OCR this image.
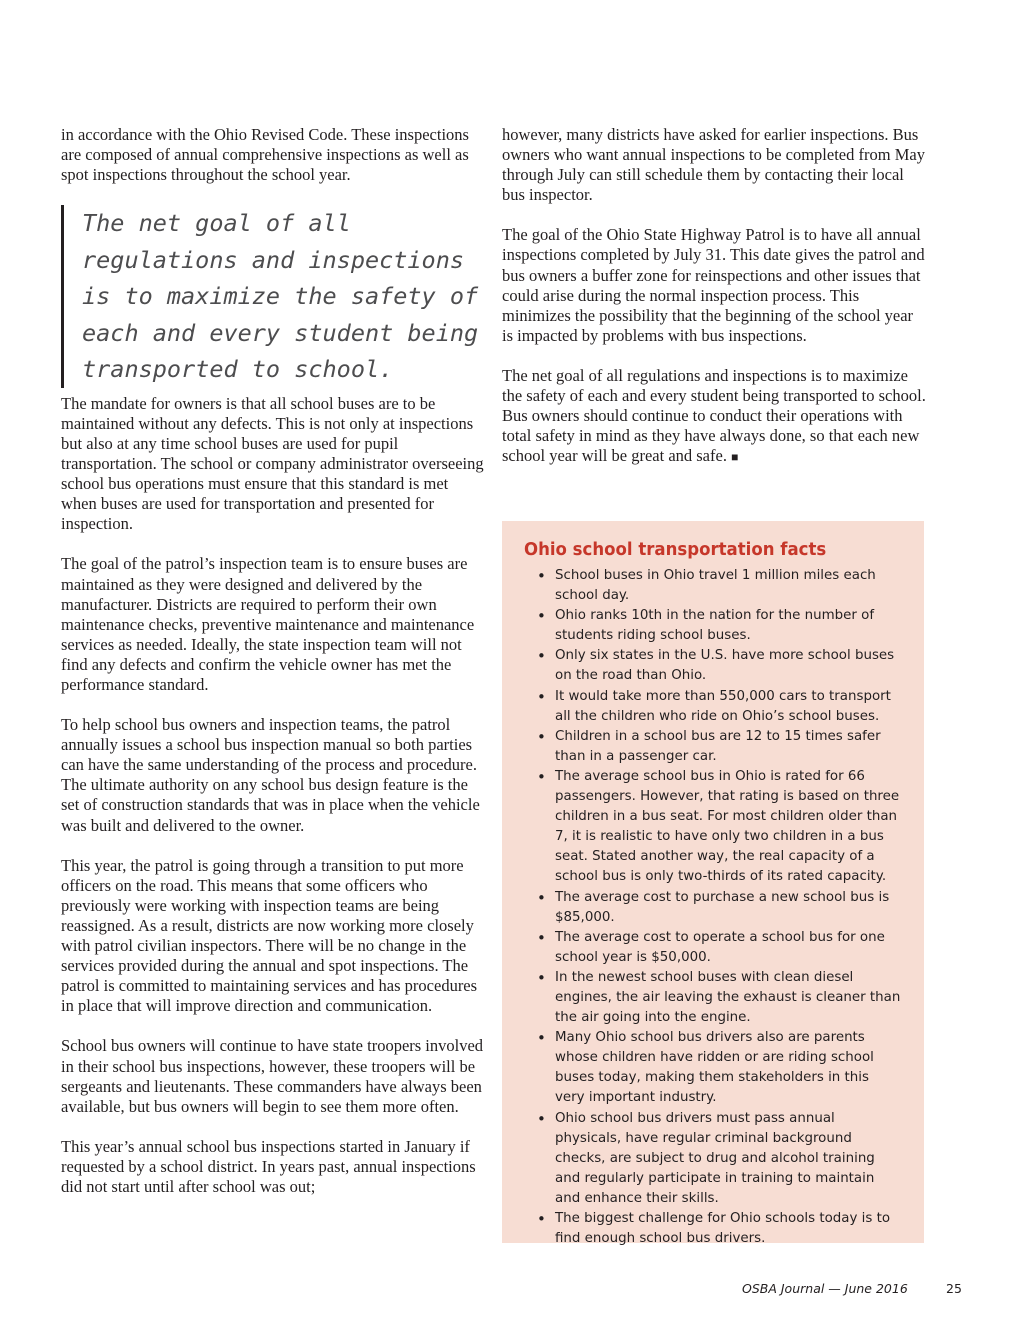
in accordance with the Ohio Revised Code. These inspections are composed of annual comprehensive inspections as well as spot inspections throughout the school year.

The net goal of all regulations and inspections is to maximize the safety of each and every student being transported to school.

The mandate for owners is that all school buses are to be maintained without any defects. This is not only at inspections but also at any time school buses are used for pupil transportation. The school or company administrator overseeing school bus operations must ensure that this standard is met when buses are used for transportation and presented for inspection.

The goal of the patrol’s inspection team is to ensure buses are maintained as they were designed and delivered by the manufacturer. Districts are required to perform their own maintenance checks, preventive maintenance and maintenance services as needed. Ideally, the state inspection team will not find any defects and confirm the vehicle owner has met the performance standard.

To help school bus owners and inspection teams, the patrol annually issues a school bus inspection manual so both parties can have the same understanding of the process and procedure. The ultimate authority on any school bus design feature is the set of construction standards that was in place when the vehicle was built and delivered to the owner.

This year, the patrol is going through a transition to put more officers on the road. This means that some officers who previously were working with inspection teams are being reassigned. As a result, districts are now working more closely with patrol civilian inspectors. There will be no change in the services provided during the annual and spot inspections. The patrol is committed to maintaining services and has procedures in place that will improve direction and communication.

School bus owners will continue to have state troopers involved in their school bus inspections, however, these troopers will be sergeants and lieutenants. These commanders have always been available, but bus owners will begin to see them more often.

This year’s annual school bus inspections started in January if requested by a school district. In years past, annual inspections did not start until after school was out;

however, many districts have asked for earlier inspections. Bus owners who want annual inspections to be completed from May through July can still schedule them by contacting their local bus inspector.

The goal of the Ohio State Highway Patrol is to have all annual inspections completed by July 31. This date gives the patrol and bus owners a buffer zone for reinspections and other issues that could arise during the normal inspection process. This minimizes the possibility that the beginning of the school year is impacted by problems with bus inspections.

The net goal of all regulations and inspections is to maximize the safety of each and every student being transported to school. Bus owners should continue to conduct their operations with total safety in mind as they have always done, so that each new school year will be great and safe. ■

Ohio school transportation facts
• School buses in Ohio travel 1 million miles each school day.
• Ohio ranks 10th in the nation for the number of students riding school buses.
• Only six states in the U.S. have more school buses on the road than Ohio.
• It would take more than 550,000 cars to transport all the children who ride on Ohio’s school buses.
• Children in a school bus are 12 to 15 times safer than in a passenger car.
• The average school bus in Ohio is rated for 66 passengers. However, that rating is based on three children in a bus seat. For most children older than 7, it is realistic to have only two children in a bus seat. Stated another way, the real capacity of a school bus is only two-thirds of its rated capacity.
• The average cost to purchase a new school bus is $85,000.
• The average cost to operate a school bus for one school year is $50,000.
• In the newest school buses with clean diesel engines, the air leaving the exhaust is cleaner than the air going into the engine.
• Many Ohio school bus drivers also are parents whose children have ridden or are riding school buses today, making them stakeholders in this very important industry.
• Ohio school bus drivers must pass annual physicals, have regular criminal background checks, are subject to drug and alcohol training and regularly participate in training to maintain and enhance their skills.
• The biggest challenge for Ohio schools today is to find enough school bus drivers.
OSBA Journal — June 2016	25
